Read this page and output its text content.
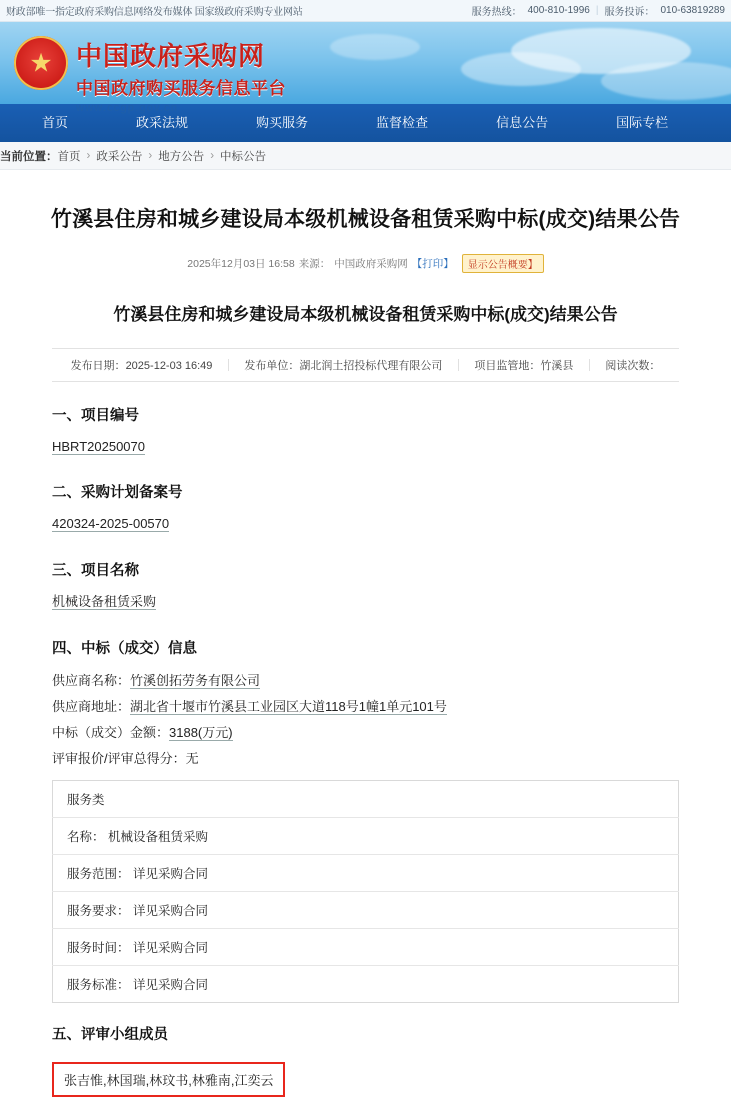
财政部唯一指定政府采购信息网络发布媒体 国家级政府采购专业网站	服务热线： 400-810-1996 | 服务投诉： 010-63819289
★
中国政府采购网
中国政府购买服务信息平台
www.ccgp.gov.cn
首页	政采法规	购买服务	监督检查	信息公告	国际专栏
当前位置： 首页 › 政采公告 › 地方公告 › 中标公告
竹溪县住房和城乡建设局本级机械设备租赁采购中标(成交)结果公告
2025年12月03日 16:58 来源： 中国政府采购网 【打印】	显示公告概要】
竹溪县住房和城乡建设局本级机械设备租赁采购中标(成交)结果公告
发布日期：2025-12-03 16:49	发布单位：湖北润土招投标代理有限公司	项目监管地：竹溪县	阅读次数：
一、项目编号

HBRT20250070

二、采购计划备案号

420324-2025-00570

三、项目名称

机械设备租赁采购

四、中标（成交）信息
供应商名称：竹溪创拓劳务有限公司
供应商地址：湖北省十堰市竹溪县工业园区大道118号1幢1单元101号
中标（成交）金额：3188(万元)
评审报价/评审总得分：无
服务类
名称： 机械设备租赁采购
服务范围： 详见采购合同
服务要求： 详见采购合同
服务时间： 详见采购合同
服务标准： 详见采购合同
五、评审小组成员
张吉惟,林国瑞,林玟书,林雅南,江奕云
